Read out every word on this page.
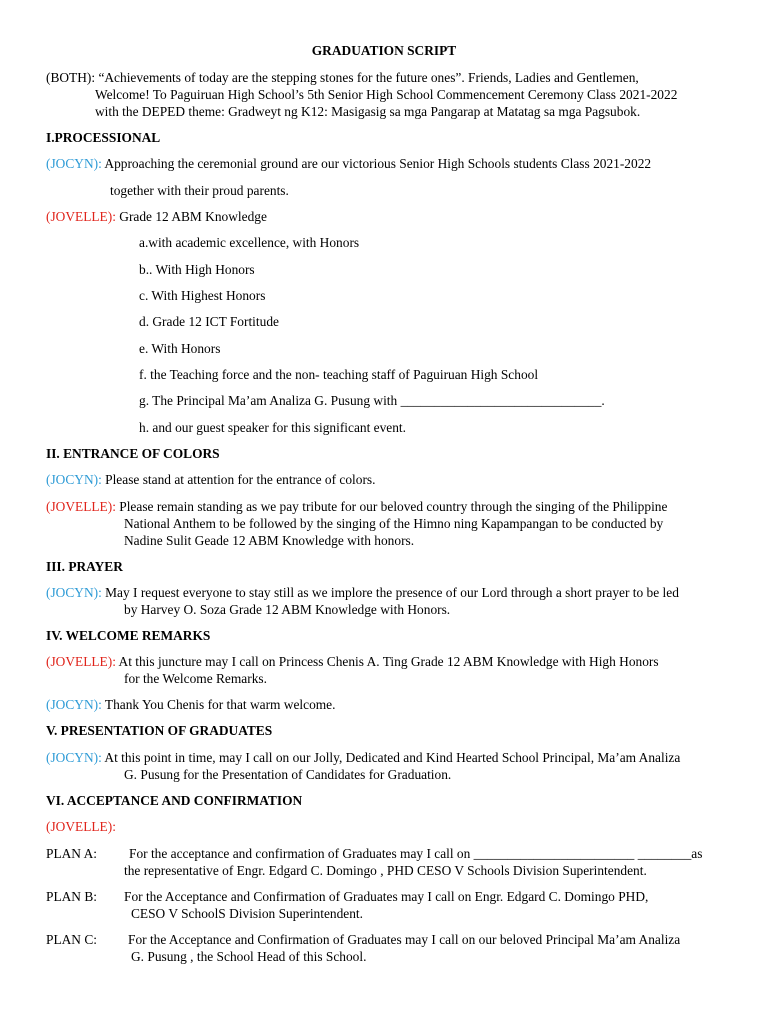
GRADUATION SCRIPT
(BOTH): “Achievements of today are the stepping stones for the future ones”. Friends, Ladies and Gentlemen,
Welcome! To Paguiruan High School’s 5th Senior High School Commencement Ceremony Class 2021-2022
with the DEPED theme: Gradweyt ng K12: Masigasig sa mga Pangarap at Matatag sa mga Pagsubok.
I.PROCESSIONAL
(JOCYN): Approaching the ceremonial ground are our victorious Senior High Schools students Class 2021-2022
together with their proud parents.
(JOVELLE): Grade 12 ABM Knowledge
a.with academic excellence, with Honors
b.. With High Honors
c. With Highest Honors
d. Grade 12 ICT Fortitude
e. With Honors
f. the Teaching force and the non- teaching staff of Paguiruan High School
g. The Principal Ma’am Analiza G. Pusung with ______________________________.
h. and our guest speaker for this significant event.
II. ENTRANCE OF COLORS
(JOCYN): Please stand at attention for the entrance of colors.
(JOVELLE): Please remain standing as we pay tribute for our beloved country through the singing of the Philippine
National Anthem to be followed by the singing of the Himno ning Kapampangan to be conducted by
Nadine Sulit Geade 12 ABM Knowledge with honors.
III. PRAYER
(JOCYN): May I request everyone to stay still as we implore the presence of our Lord through a short prayer to be led
by Harvey O. Soza Grade 12 ABM Knowledge with Honors.
IV. WELCOME REMARKS
(JOVELLE): At this juncture may I call on Princess Chenis A. Ting Grade 12 ABM Knowledge with High Honors
for the Welcome Remarks.
(JOCYN): Thank You Chenis for that warm welcome.
V. PRESENTATION OF GRADUATES
(JOCYN): At this point in time, may I call on our Jolly, Dedicated and Kind Hearted School Principal, Ma’am Analiza
G. Pusung for the Presentation of Candidates for Graduation.
VI. ACCEPTANCE AND CONFIRMATION
(JOVELLE):
PLAN A: For the acceptance and confirmation of Graduates may I call on ________________________ ________as
the representative of Engr. Edgard C. Domingo , PHD CESO V Schools Division Superintendent.
PLAN B: For the Acceptance and Confirmation of Graduates may I call on Engr. Edgard C. Domingo PHD,
CESO V SchoolS Division Superintendent.
PLAN C: For the Acceptance and Confirmation of Graduates may I call on our beloved Principal Ma’am Analiza
G. Pusung , the School Head of this School.
